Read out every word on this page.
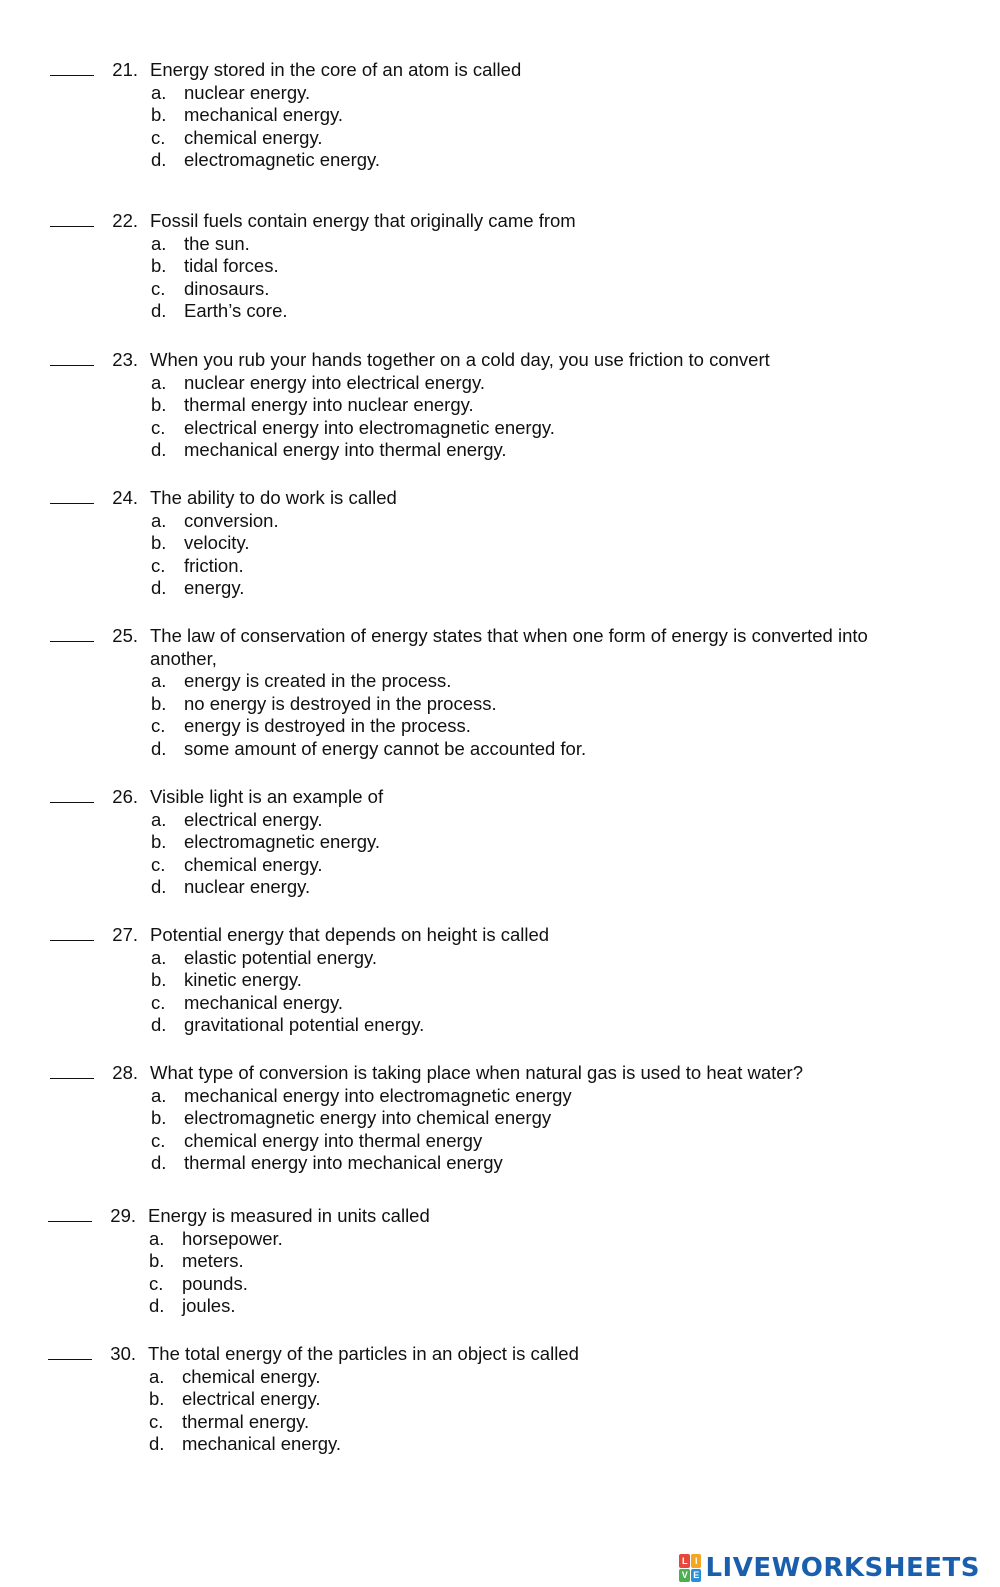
21. Energy stored in the core of an atom is called
a. nuclear energy.
b. mechanical energy.
c. chemical energy.
d. electromagnetic energy.
22. Fossil fuels contain energy that originally came from
a. the sun.
b. tidal forces.
c. dinosaurs.
d. Earth’s core.
23. When you rub your hands together on a cold day, you use friction to convert
a. nuclear energy into electrical energy.
b. thermal energy into nuclear energy.
c. electrical energy into electromagnetic energy.
d. mechanical energy into thermal energy.
24. The ability to do work is called
a. conversion.
b. velocity.
c. friction.
d. energy.
25. The law of conservation of energy states that when one form of energy is converted into
another,
a. energy is created in the process.
b. no energy is destroyed in the process.
c. energy is destroyed in the process.
d. some amount of energy cannot be accounted for.
26. Visible light is an example of
a. electrical energy.
b. electromagnetic energy.
c. chemical energy.
d. nuclear energy.
27. Potential energy that depends on height is called
a. elastic potential energy.
b. kinetic energy.
c. mechanical energy.
d. gravitational potential energy.
28. What type of conversion is taking place when natural gas is used to heat water?
a. mechanical energy into electromagnetic energy
b. electromagnetic energy into chemical energy
c. chemical energy into thermal energy
d. thermal energy into mechanical energy
29. Energy is measured in units called
a. horsepower.
b. meters.
c. pounds.
d. joules.
30. The total energy of the particles in an object is called
a. chemical energy.
b. electrical energy.
c. thermal energy.
d. mechanical energy.
L I
V E LIVEWORKSHEETS
